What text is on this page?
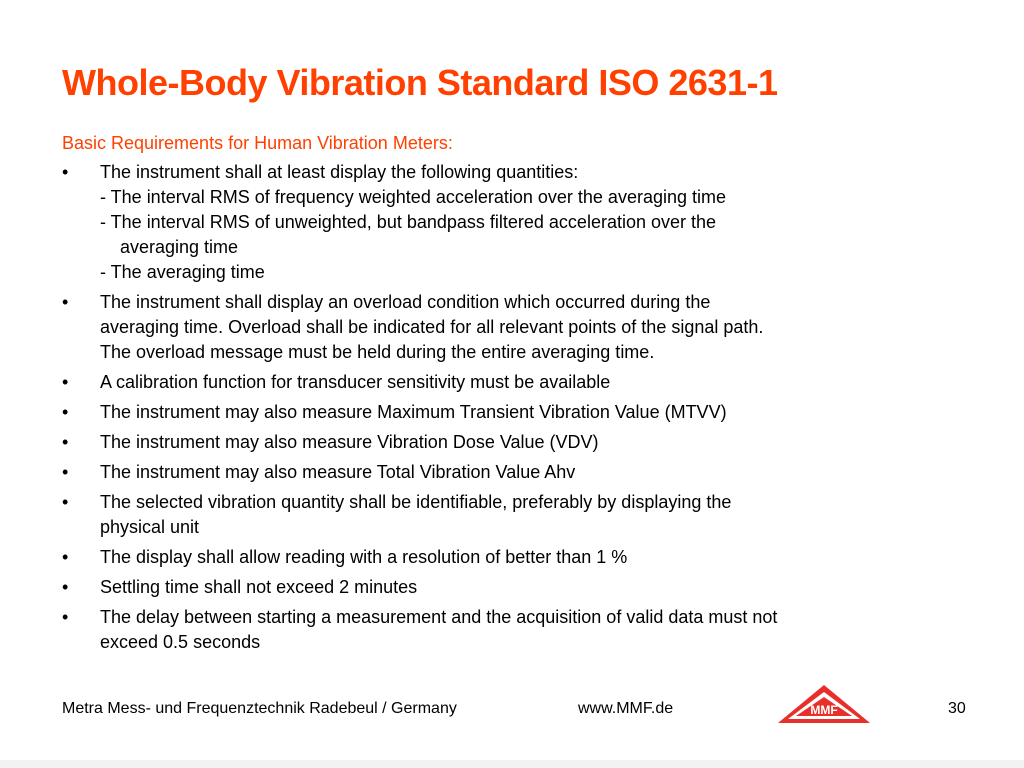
Whole-Body Vibration Standard ISO 2631-1
Basic Requirements for Human Vibration Meters:
•	The instrument shall at least display the following quantities:
- The interval RMS of frequency weighted acceleration over the averaging time
- The interval RMS of unweighted, but bandpass filtered acceleration over the
averaging time
- The averaging time
•	The instrument shall display an overload condition which occurred during the
averaging time. Overload shall be indicated for all relevant points of the signal path.
The overload message must be held during the entire averaging time.
•	A calibration function for transducer sensitivity must be available
•	The instrument may also measure Maximum Transient Vibration Value (MTVV)
•	The instrument may also measure Vibration Dose Value (VDV)
•	The instrument may also measure Total Vibration Value Ahv
•	The selected vibration quantity shall be identifiable, preferably by displaying the
physical unit
•	The display shall allow reading with a resolution of better than 1 %
•	Settling time shall not exceed 2 minutes
•	The delay between starting a measurement and the acquisition of valid data must not
exceed 0.5 seconds
Metra Mess- und Frequenztechnik Radebeul / Germany	www.MMF.de	MMF	30
